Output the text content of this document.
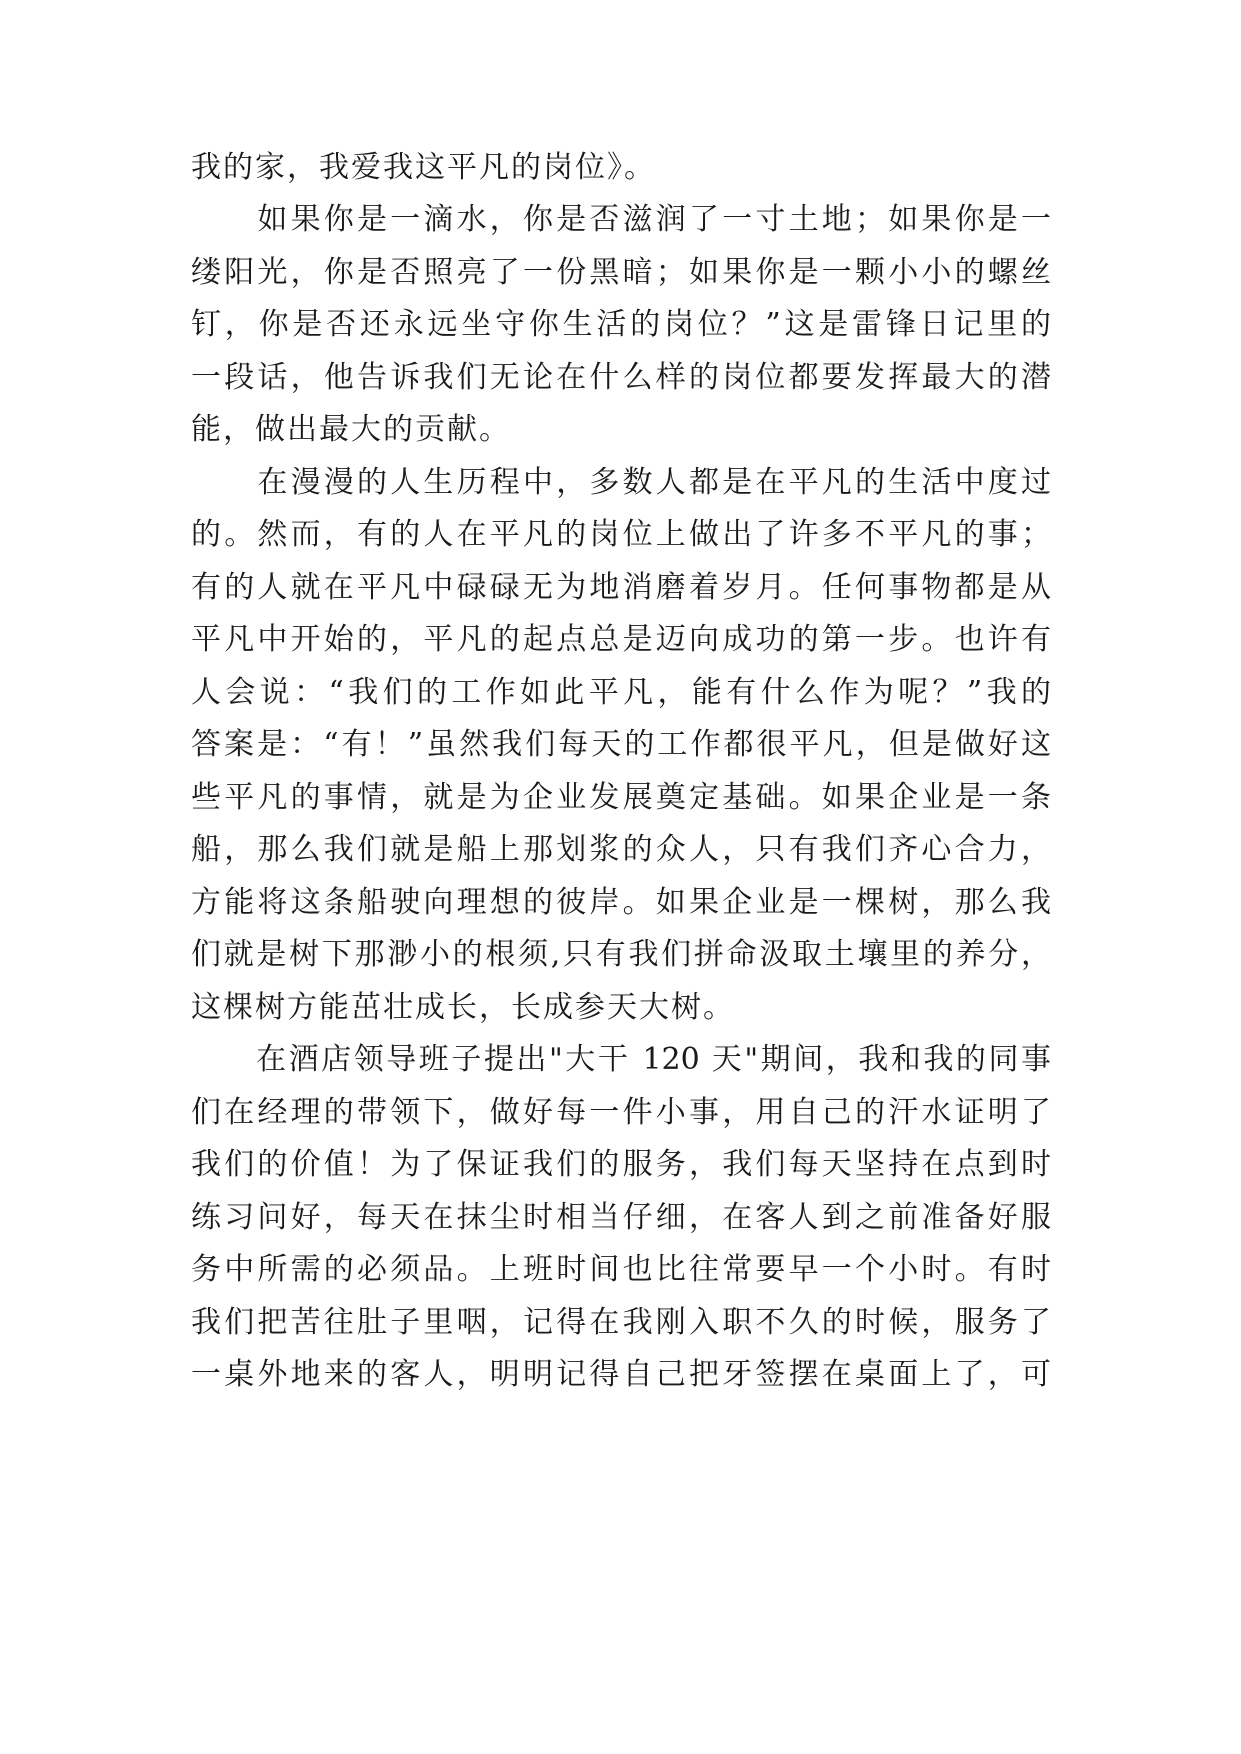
我的家，我爱我这平凡的岗位》。
　　如果你是一滴水，你是否滋润了一寸土地；如果你是一
缕阳光，你是否照亮了一份黑暗；如果你是一颗小小的螺丝
钉，你是否还永远坐守你生活的岗位？”这是雷锋日记里的
一段话，他告诉我们无论在什么样的岗位都要发挥最大的潜
能，做出最大的贡献。
　　在漫漫的人生历程中，多数人都是在平凡的生活中度过
的。然而，有的人在平凡的岗位上做出了许多不平凡的事；
有的人就在平凡中碌碌无为地消磨着岁月。任何事物都是从
平凡中开始的，平凡的起点总是迈向成功的第一步。也许有
人会说：“我们的工作如此平凡，能有什么作为呢？”我的
答案是：“有！”虽然我们每天的工作都很平凡，但是做好这
些平凡的事情，就是为企业发展奠定基础。如果企业是一条
船，那么我们就是船上那划浆的众人，只有我们齐心合力，
方能将这条船驶向理想的彼岸。如果企业是一棵树，那么我
们就是树下那渺小的根须,只有我们拼命汲取土壤里的养分，
这棵树方能茁壮成长，长成参天大树。
　　在酒店领导班子提出"大干 120 天"期间，我和我的同事
们在经理的带领下，做好每一件小事，用自己的汗水证明了
我们的价值！为了保证我们的服务，我们每天坚持在点到时
练习问好，每天在抹尘时相当仔细，在客人到之前准备好服
务中所需的必须品。上班时间也比往常要早一个小时。有时
我们把苦往肚子里咽，记得在我刚入职不久的时候，服务了
一桌外地来的客人，明明记得自己把牙签摆在桌面上了，可
